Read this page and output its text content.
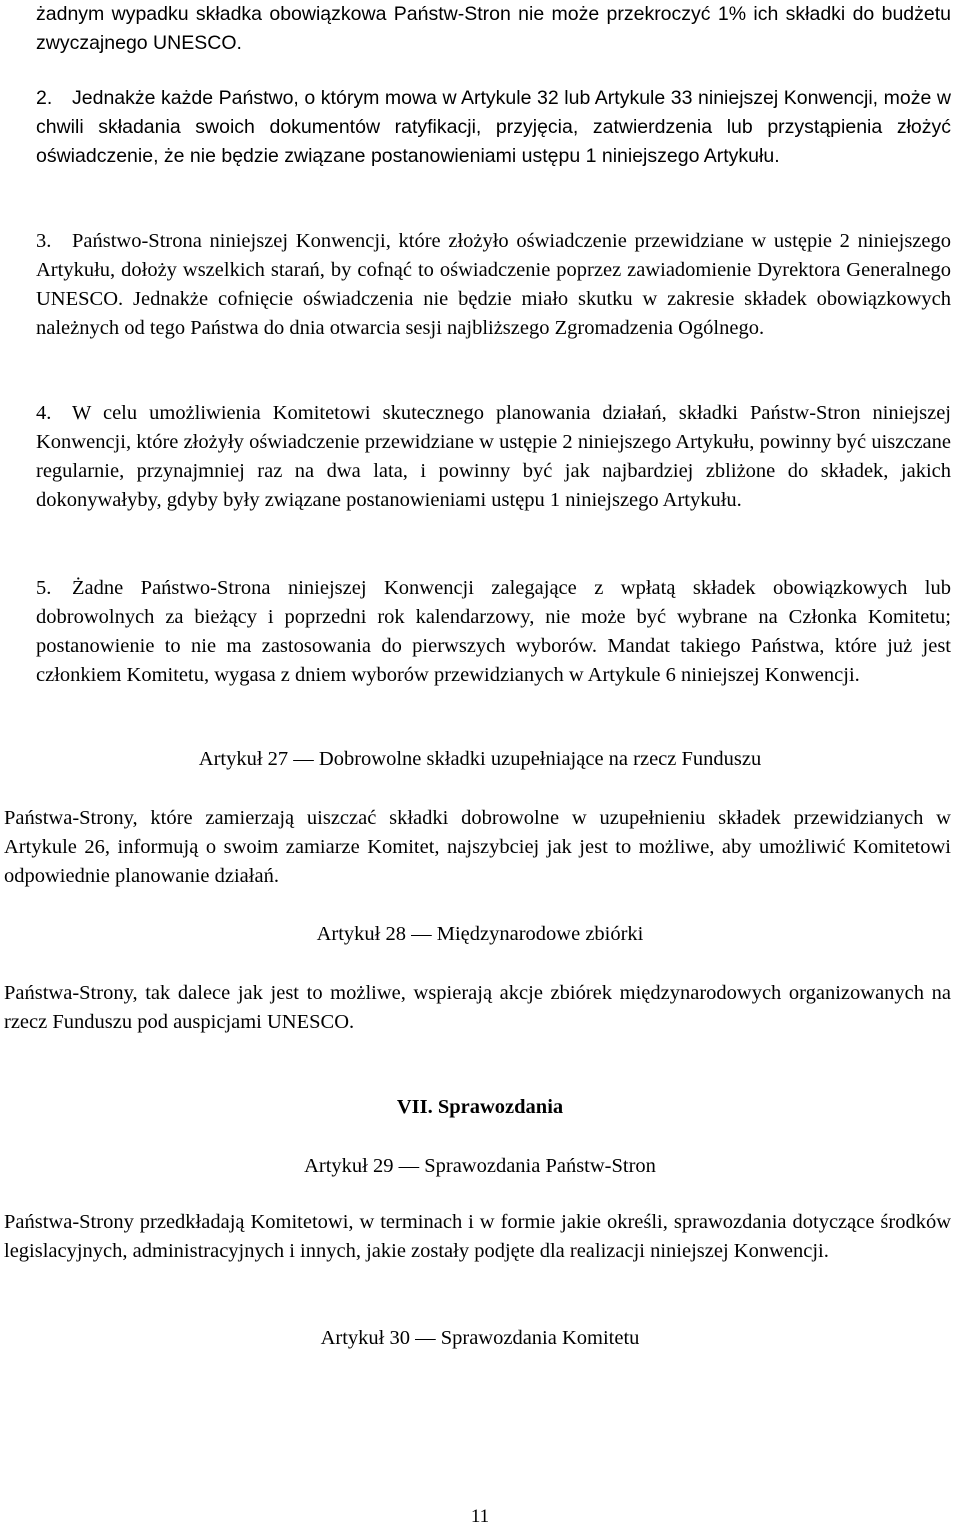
żadnym wypadku składka obowiązkowa Państw-Stron nie może przekroczyć 1% ich składki do budżetu zwyczajnego UNESCO.

2. Jednakże każde Państwo, o którym mowa w Artykule 32 lub Artykule 33 niniejszej Konwencji, może w chwili składania swoich dokumentów ratyfikacji, przyjęcia, zatwierdzenia lub przystąpienia złożyć oświadczenie, że nie będzie związane postanowieniami ustępu 1 niniejszego Artykułu.

3. Państwo-Strona niniejszej Konwencji, które złożyło oświadczenie przewidziane w ustępie 2 niniejszego Artykułu, dołoży wszelkich starań, by cofnąć to oświadczenie poprzez zawiadomienie Dyrektora Generalnego UNESCO. Jednakże cofnięcie oświadczenia nie będzie miało skutku w zakresie składek obowiązkowych należnych od tego Państwa do dnia otwarcia sesji najbliższego Zgromadzenia Ogólnego.

4. W celu umożliwienia Komitetowi skutecznego planowania działań, składki Państw-Stron niniejszej Konwencji, które złożyły oświadczenie przewidziane w ustępie 2 niniejszego Artykułu, powinny być uiszczane regularnie, przynajmniej raz na dwa lata, i powinny być jak najbardziej zbliżone do składek, jakich dokonywałyby, gdyby były związane postanowieniami ustępu 1 niniejszego Artykułu.

5. Żadne Państwo-Strona niniejszej Konwencji zalegające z wpłatą składek obowiązkowych lub dobrowolnych za bieżący i poprzedni rok kalendarzowy, nie może być wybrane na Członka Komitetu; postanowienie to nie ma zastosowania do pierwszych wyborów. Mandat takiego Państwa, które już jest członkiem Komitetu, wygasa z dniem wyborów przewidzianych w Artykule 6 niniejszej Konwencji.

Artykuł 27 — Dobrowolne składki uzupełniające na rzecz Funduszu

Państwa-Strony, które zamierzają uiszczać składki dobrowolne w uzupełnieniu składek przewidzianych w Artykule 26, informują o swoim zamiarze Komitet, najszybciej jak jest to możliwe, aby umożliwić Komitetowi odpowiednie planowanie działań.

Artykuł 28 — Międzynarodowe zbiórki

Państwa-Strony, tak dalece jak jest to możliwe, wspierają akcje zbiórek międzynarodowych organizowanych na rzecz Funduszu pod auspicjami UNESCO.

VII. Sprawozdania

Artykuł 29 — Sprawozdania Państw-Stron

Państwa-Strony przedkładają Komitetowi, w terminach i w formie jakie określi, sprawozdania dotyczące środków legislacyjnych, administracyjnych i innych, jakie zostały podjęte dla realizacji niniejszej Konwencji.

Artykuł 30 — Sprawozdania Komitetu

11
